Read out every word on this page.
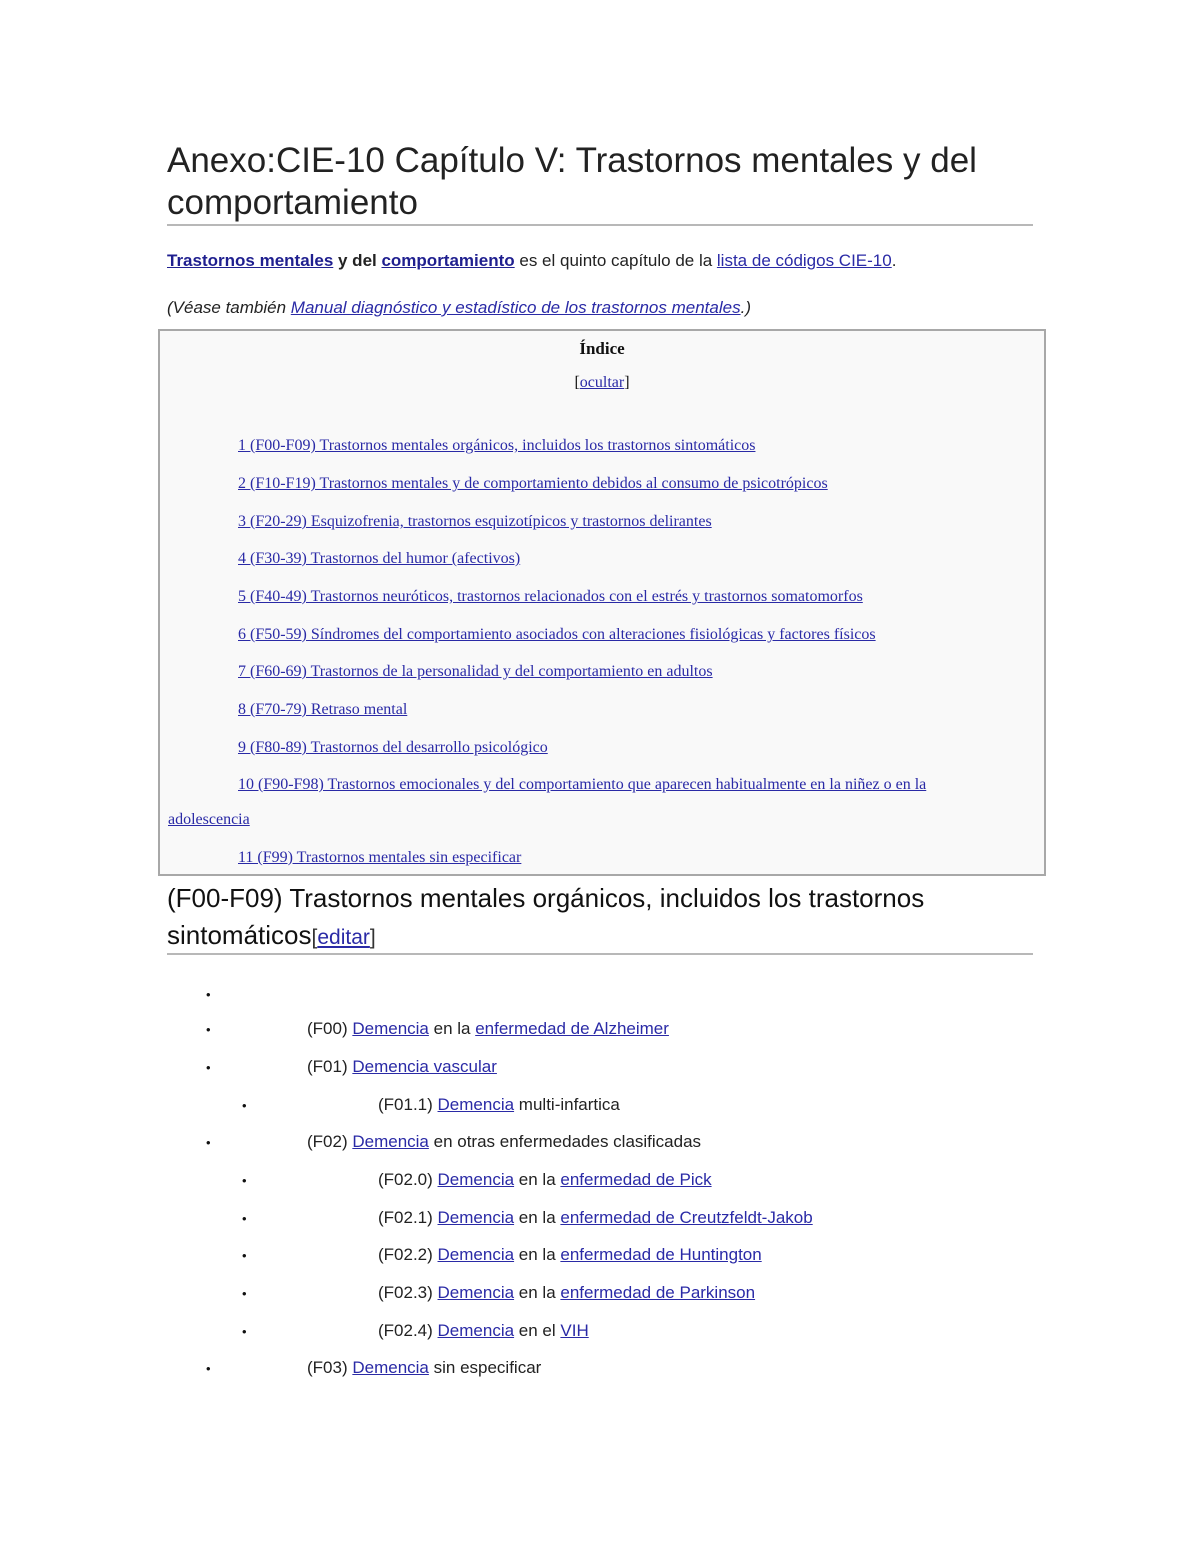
Anexo:CIE-10 Capítulo V: Trastornos mentales y del comportamiento
Trastornos mentales y del comportamiento es el quinto capítulo de la lista de códigos CIE-10.
(Véase también Manual diagnóstico y estadístico de los trastornos mentales.)
Índice
[ocultar]
1 (F00-F09) Trastornos mentales orgánicos, incluidos los trastornos sintomáticos
2 (F10-F19) Trastornos mentales y de comportamiento debidos al consumo de psicotrópicos
3 (F20-29) Esquizofrenia, trastornos esquizotípicos y trastornos delirantes
4 (F30-39) Trastornos del humor (afectivos)
5 (F40-49) Trastornos neuróticos, trastornos relacionados con el estrés y trastornos somatomorfos
6 (F50-59) Síndromes del comportamiento asociados con alteraciones fisiológicas y factores físicos
7 (F60-69) Trastornos de la personalidad y del comportamiento en adultos
8 (F70-79) Retraso mental
9 (F80-89) Trastornos del desarrollo psicológico
10 (F90-F98) Trastornos emocionales y del comportamiento que aparecen habitualmente en la niñez o en la
adolescencia
11 (F99) Trastornos mentales sin especificar
(F00-F09) Trastornos mentales orgánicos, incluidos los trastornos sintomáticos[editar]
•
•	(F00) Demencia en la enfermedad de Alzheimer
•	(F01) Demencia vascular
•	(F01.1) Demencia multi-infartica
•	(F02) Demencia en otras enfermedades clasificadas
•	(F02.0) Demencia en la enfermedad de Pick
•	(F02.1) Demencia en la enfermedad de Creutzfeldt-Jakob
•	(F02.2) Demencia en la enfermedad de Huntington
•	(F02.3) Demencia en la enfermedad de Parkinson
•	(F02.4) Demencia en el VIH
•	(F03) Demencia sin especificar
